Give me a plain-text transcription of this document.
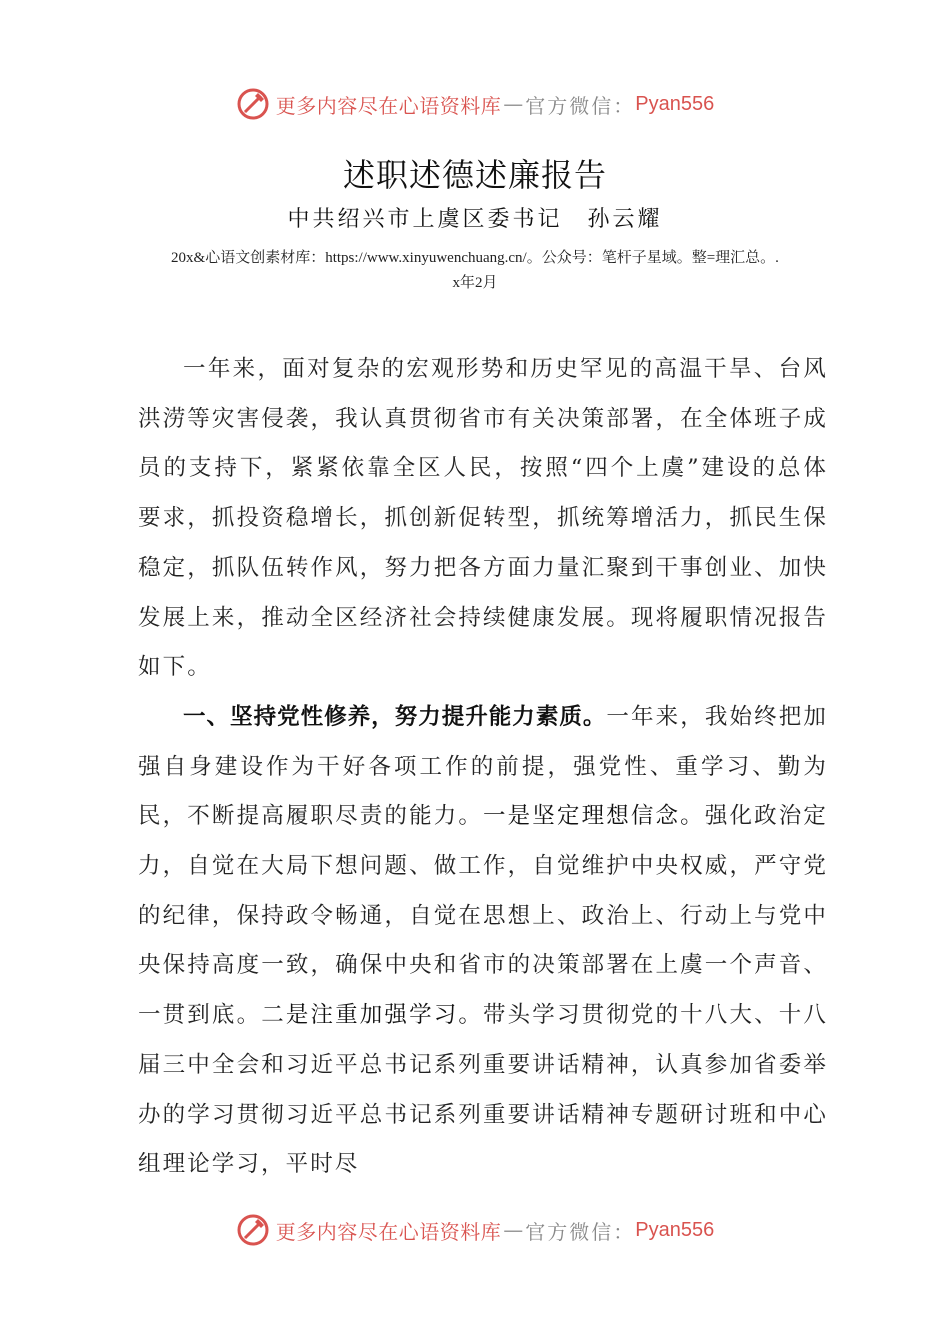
更多内容尽在心语资料库 — 官方微信： Pyan556
述职述德述廉报告
中共绍兴市上虞区委书记　孙云耀
20x&心语文创素材库：https://www.xinyuwenchuang.cn/。公众号：笔杆子星域。整=理汇总。.
x年2月

一年来，面对复杂的宏观形势和历史罕见的高温干旱、台风洪涝等灾害侵袭，我认真贯彻省市有关决策部署，在全体班子成员的支持下，紧紧依靠全区人民，按照“四个上虞”建设的总体要求，抓投资稳增长，抓创新促转型，抓统筹增活力，抓民生保稳定，抓队伍转作风，努力把各方面力量汇聚到干事创业、加快发展上来，推动全区经济社会持续健康发展。现将履职情况报告如下。

一、坚持党性修养，努力提升能力素质。一年来，我始终把加强自身建设作为干好各项工作的前提，强党性、重学习、勤为民，不断提高履职尽责的能力。一是坚定理想信念。强化政治定力，自觉在大局下想问题、做工作，自觉维护中央权威，严守党的纪律，保持政令畅通，自觉在思想上、政治上、行动上与党中央保持高度一致，确保中央和省市的决策部署在上虞一个声音、一贯到底。二是注重加强学习。带头学习贯彻党的十八大、十八届三中全会和习近平总书记系列重要讲话精神，认真参加省委举办的学习贯彻习近平总书记系列重要讲话精神专题研讨班和中心组理论学习，平时尽

更多内容尽在心语资料库 — 官方微信： Pyan556
